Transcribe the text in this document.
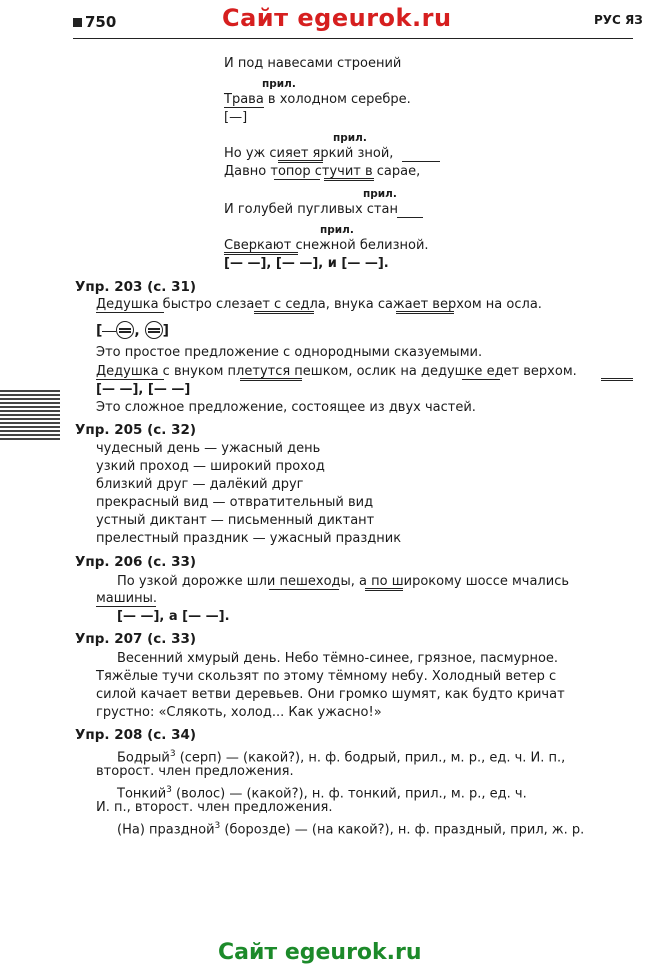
750	Сайт egeurok.ru	РУС ЯЗ
И под навесами строений
прил.
Трава в холодном серебре.
[—]
прил.
Но уж сияет яркий зной,
Давно топор стучит в сарае,
прил.
И голубей пугливых стан
прил.
Сверкают снежной белизной.
[— —], [— —], и [— —].
Упр. 203 (с. 31)
Дедушка быстро слезает с седла, внука сажает верхом на осла.
[ , ]
Это простое предложение с однородными сказуемыми.
Дедушка с внуком плетутся пешком, ослик на дедушке едет верхом.
[— —], [— —]
Это сложное предложение, состоящее из двух частей.
Упр. 205 (с. 32)
чудесный день — ужасный день
узкий проход — широкий проход
близкий друг — далёкий друг
прекрасный вид — отвратительный вид
устный диктант — письменный диктант
прелестный праздник — ужасный праздник
Упр. 206 (с. 33)
По узкой дорожке шли пешеходы, а по широкому шоссе мчались
машины.
[— —], а [— —].
Упр. 207 (с. 33)
Весенний хмурый день. Небо тёмно-синее, грязное, пасмурное.
Тяжёлые тучи скользят по этому тёмному небу. Холодный ветер с
силой качает ветви деревьев. Они громко шумят, как будто кричат
грустно: «Слякоть, холод... Как ужасно!»
Упр. 208 (с. 34)
Бодрый$^3$ (серп) — (какой?), н. ф. бодрый, прил., м. р., ед. ч. И. п.,
второст. член предложения.
Тонкий$^3$ (волос) — (какой?), н. ф. тонкий, прил., м. р., ед. ч.
И. п., второст. член предложения.
(На) праздной$^3$ (борозде) — (на какой?), н. ф. праздный, прил, ж. р.
Сайт egeurok.ru
